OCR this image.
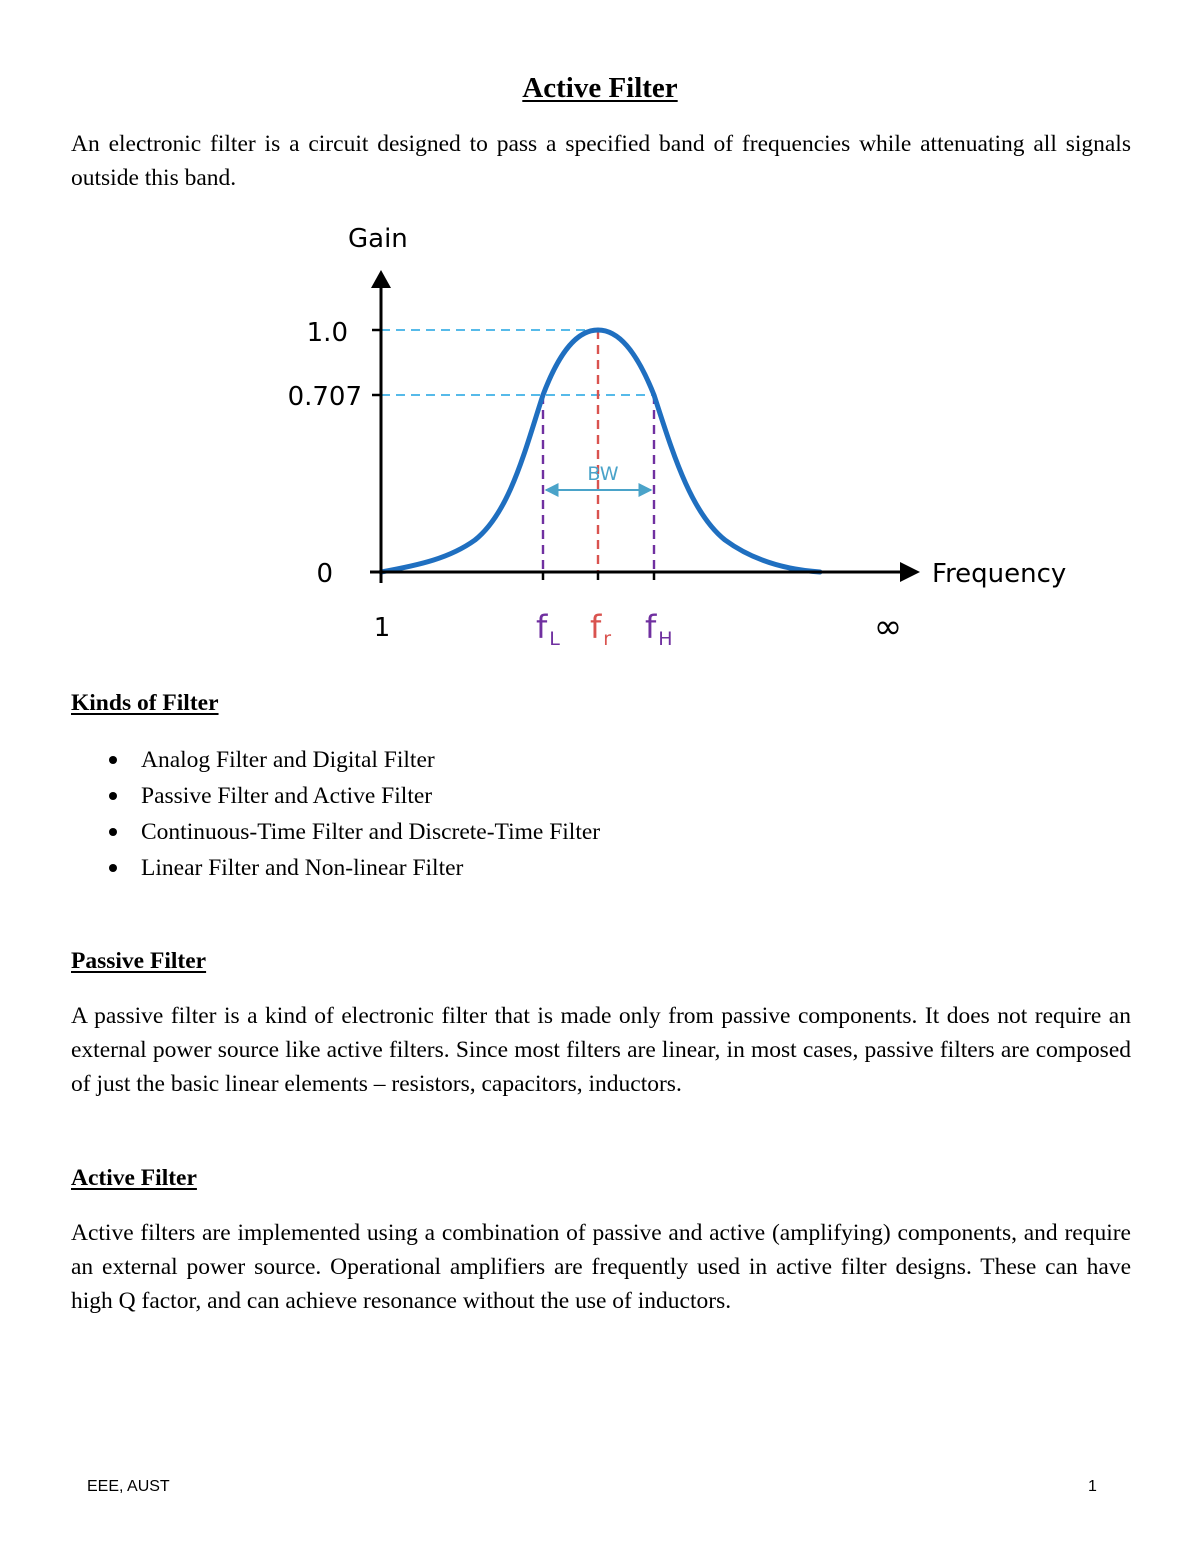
Active Filter

An electronic filter is a circuit designed to pass a specified band of frequencies while attenuating all signals outside this band.

Gain
Frequency
BW
1.0
0.707
0
1	∞
f $_L$ f $_r$ f $_H$
Kinds of Filter
Analog Filter and Digital Filter
Passive Filter and Active Filter
Continuous-Time Filter and Discrete-Time Filter
Linear Filter and Non-linear Filter
Passive Filter

A passive filter is a kind of electronic filter that is made only from passive components. It does not require an external power source like active filters. Since most filters are linear, in most cases, passive filters are composed of just the basic linear elements – resistors, capacitors, inductors.

Active Filter

Active filters are implemented using a combination of passive and active (amplifying) components, and require an external power source. Operational amplifiers are frequently used in active filter designs. These can have high Q factor, and can achieve resonance without the use of inductors.

EEE, AUST	1
